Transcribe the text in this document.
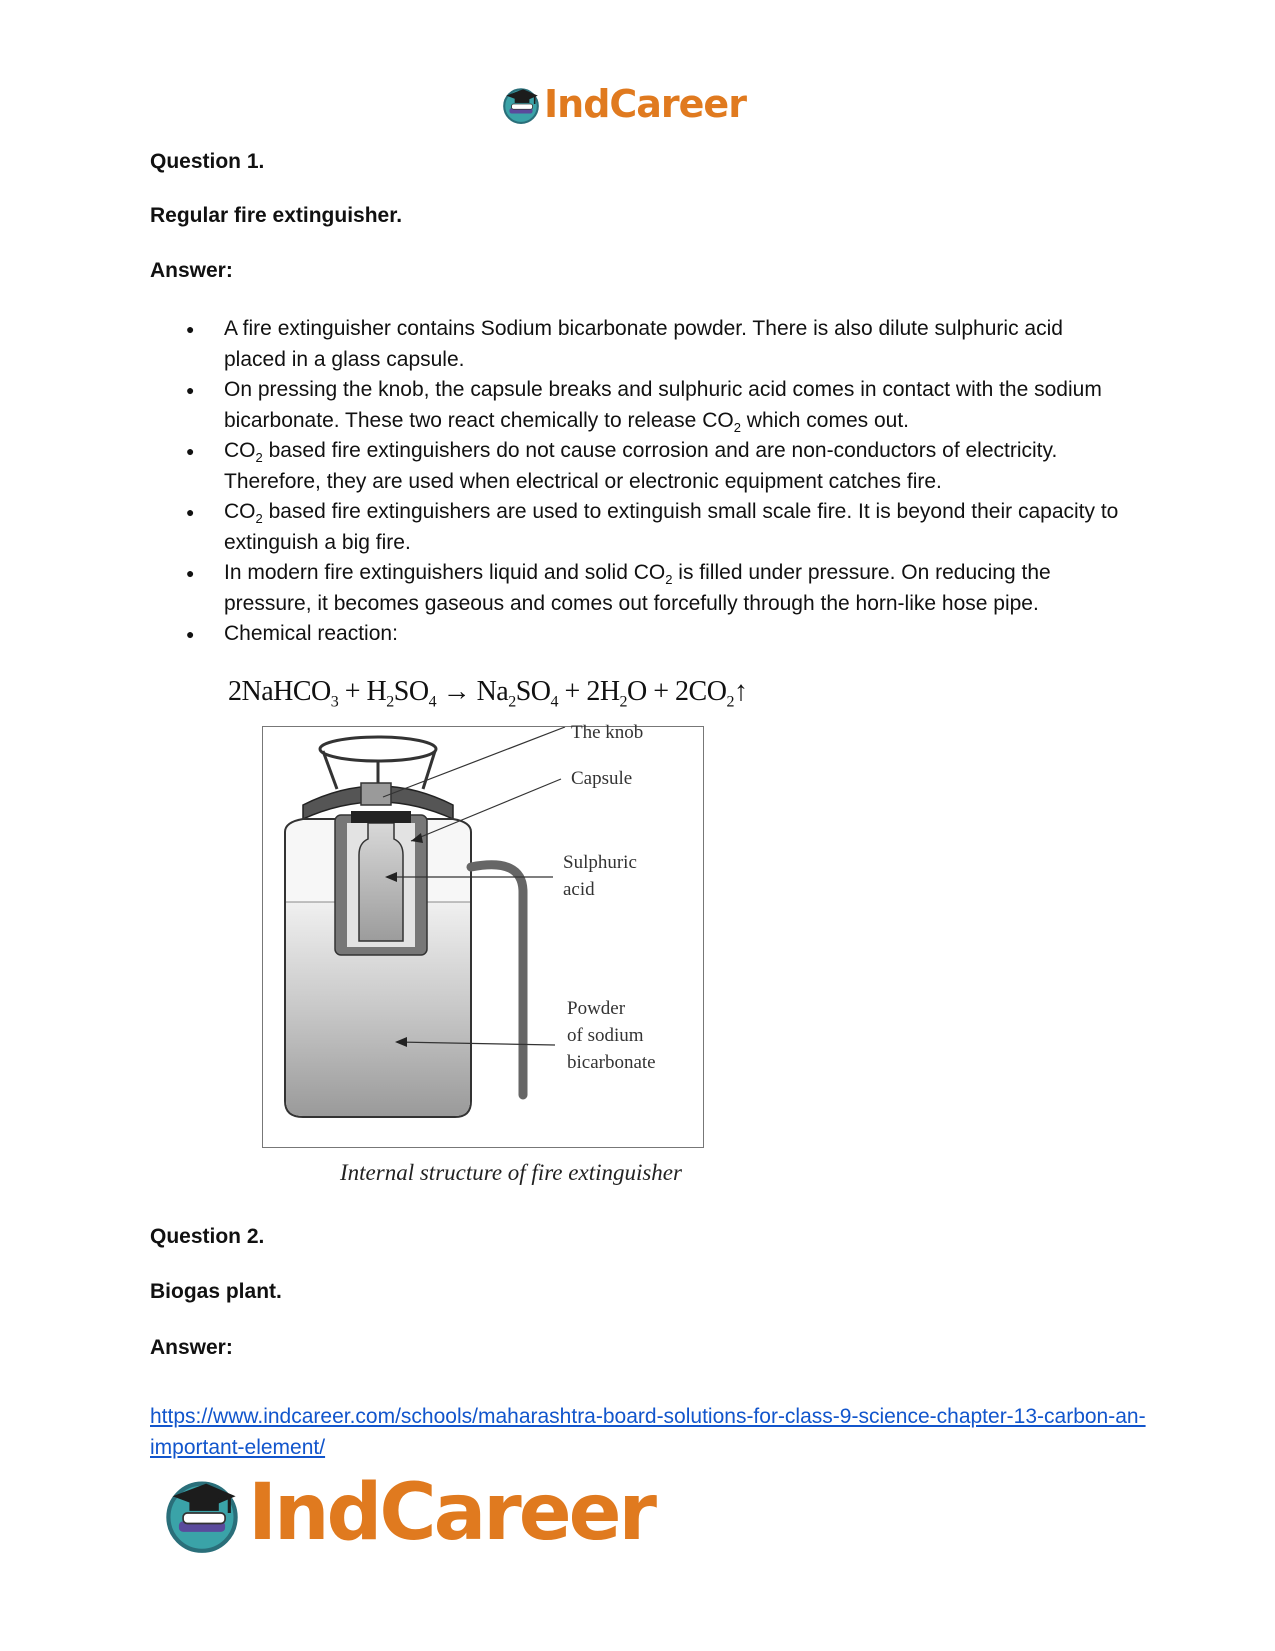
IndCareer

Question 1.

Regular fire extinguisher.

Answer:

● A fire extinguisher contains Sodium bicarbonate powder. There is also dilute sulphuric acid placed in a glass capsule.
● On pressing the knob, the capsule breaks and sulphuric acid comes in contact with the sodium bicarbonate. These two react chemically to release $CO_2$ which comes out.
● $CO_2$ based fire extinguishers do not cause corrosion and are non-conductors of electricity. Therefore, they are used when electrical or electronic equipment catches fire.
● $CO_2$ based fire extinguishers are used to extinguish small scale fire. It is beyond their capacity to extinguish a big fire.
● In modern fire extinguishers liquid and solid $CO_2$ is filled under pressure. On reducing the pressure, it becomes gaseous and comes out forcefully through the horn-like hose pipe.
● Chemical reaction:
2NaHCO$_3$ + $H_2SO_4 \to Na_2SO_4 + 2H_2O$ + $2CO_2↑$
The knob
Capsule
Sulphuric
acid
Powder
of sodium
bicarbonate
Internal structure of fire extinguisher

Question 2.

Biogas plant.

Answer:

https://www.indcareer.com/schools/maharashtra-board-solutions-for-class-9-science-chapter-13-carbon-an-important-element/
IndCareer
